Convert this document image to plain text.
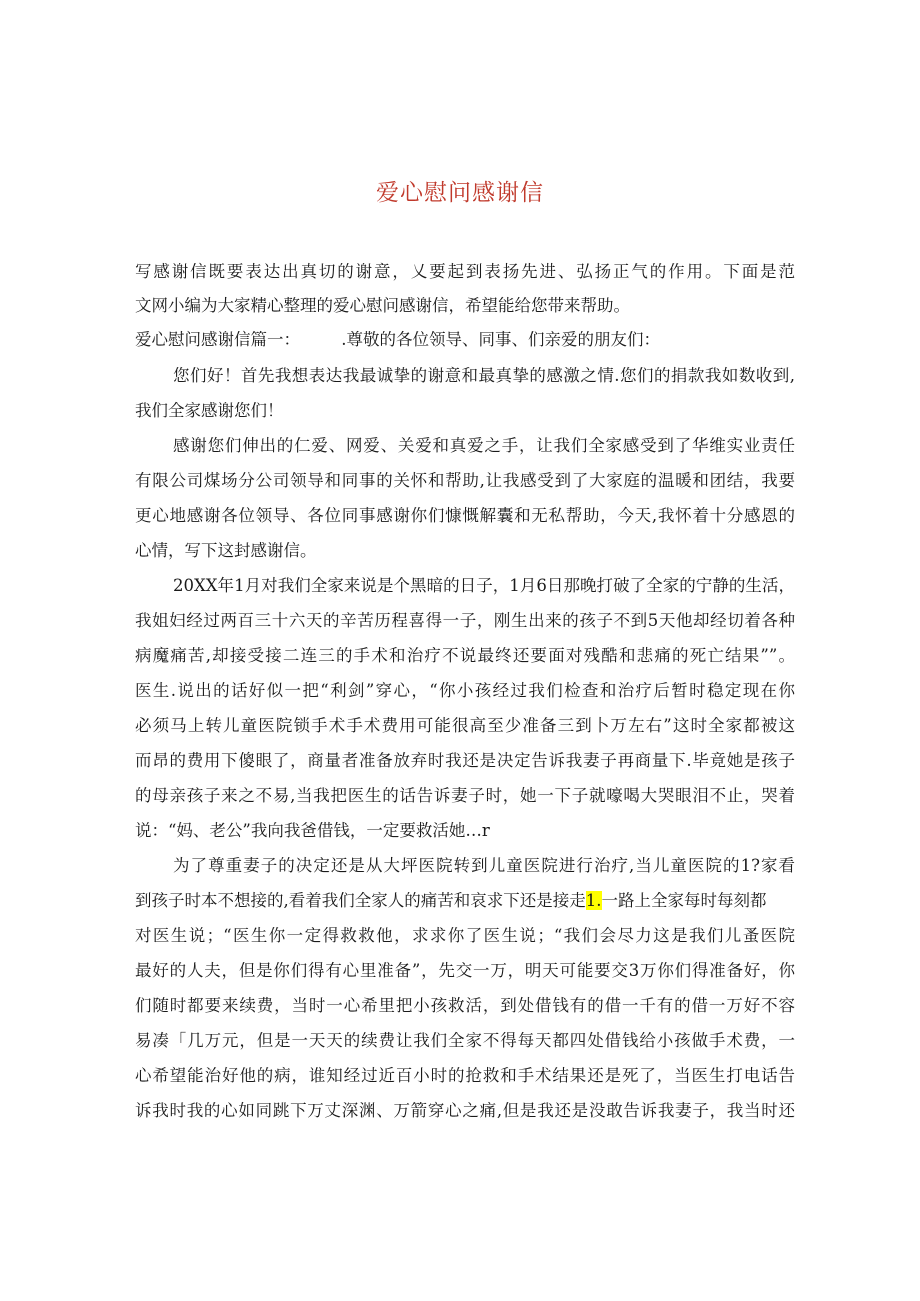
爱心慰问感谢信
写感谢信既要表达出真切的谢意，乂要起到表扬先进、弘扬正气的作用。下面是范
文网小编为大家精心整理的爱心慰问感谢信，希望能给您带来帮助。
爱心慰问感谢信篇一：　　　.尊敬的各位领导、同事、们亲爱的朋友们：
您们好！首先我想表达我最诚挚的谢意和最真挚的感激之情.您们的捐款我如数收到,
我们全家感谢您们！
感谢您们伸出的仁爱、网爱、关爱和真爱之手，让我们全家感受到了华维实业责任
有限公司煤场分公司领导和同事的关怀和帮助,让我感受到了大家庭的温暖和团结，我要
更心地感谢各位领导、各位同事感谢你们慷慨解囊和无私帮助，今天,我怀着十分感恩的
心情，写下这封感谢信。
20XX年1月对我们全家来说是个黑暗的日子，1月6日那晚打破了全家的宁静的生活，
我姐妇经过两百三十六天的辛苦历程喜得一子，刚生出来的孩子不到5天他却经切着各种
病魔痛苦,却接受接二连三的手术和治疗不说最终还要面对残酷和悲痛的死亡结果””。
医生.说出的话好似一把“利剑”穿心，“你小孩经过我们检查和治疗后暂时稳定现在你
必须马上转儿童医院锁手术手术费用可能很高至少准备三到卜万左右”这时全家都被这
而昂的费用下傻眼了，商量者准备放弃时我还是决定告诉我妻子再商量下.毕竟她是孩子
的母亲孩子来之不易,当我把医生的话告诉妻子时，她一下子就嚎喝大哭眼泪不止，哭着
说：“妈、老公”我向我爸借钱，一定要救活她…r
为了尊重妻子的决定还是从大坪医院转到儿童医院进行治疗,当儿童医院的1?家看
到孩子时本不想接的,看着我们全家人的痛苦和哀求下还是接走1.一路上全家每时每刻都
对医生说；“医生你一定得救救他，求求你了医生说；“我们会尽力这是我们儿蚤医院
最好的人夫，但是你们得有心里准备”，先交一万，明天可能要交3万你们得准备好，你
们随时都要来续费，当时一心希里把小孩救活，到处借钱有的借一千有的借一万好不容
易凑「几万元，但是一天天的续费让我们全家不得每天都四处借钱给小孩做手术费，一
心希望能治好他的病，谁知经过近百小时的抢救和手术结果还是死了，当医生打电话告
诉我时我的心如同跳下万丈深渊、万箭穿心之痛,但是我还是没敢告诉我妻子，我当时还
